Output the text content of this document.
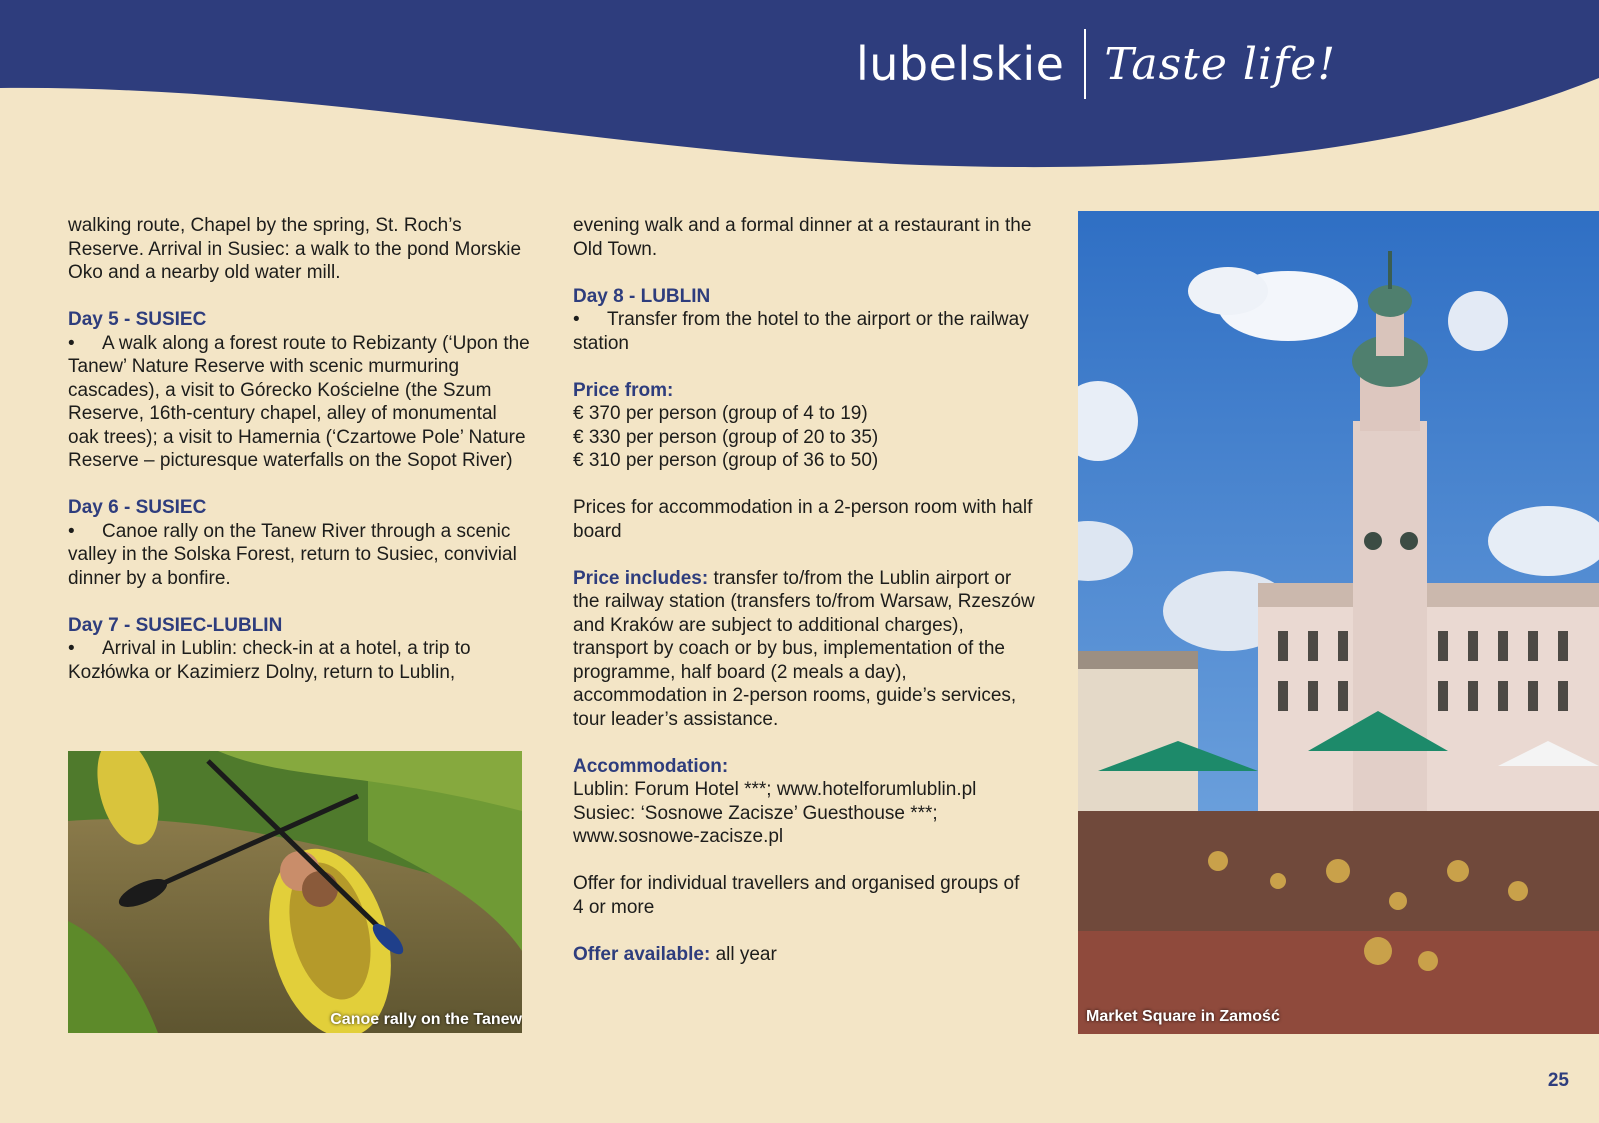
lubelskie Taste life!

walking route, Chapel by the spring, St. Roch’s Reserve. Arrival in Susiec: a walk to the pond Morskie Oko and a nearby old water mill.

Day 5 - SUSIEC

• A walk along a forest route to Rebizanty (‘Upon the Tanew’ Nature Reserve with scenic murmuring cascades), a visit to Górecko Kościelne (the Szum Reserve, 16th-century chapel, alley of monumental oak trees); a visit to Hamernia (‘Czartowe Pole’ Nature Reserve – picturesque waterfalls on the Sopot River)

Day 6 - SUSIEC

• Canoe rally on the Tanew River through a scenic valley in the Solska Forest, return to Susiec, convivial dinner by a bonfire.

Day 7 - SUSIEC-LUBLIN

• Arrival in Lublin: check-in at a hotel, a trip to Kozłówka or Kazimierz Dolny, return to Lublin,

evening walk and a formal dinner at a restaurant in the Old Town.

Day 8 - LUBLIN

• Transfer from the hotel to the airport or the railway station

Price from:

€ 370 per person (group of 4 to 19)
€ 330 per person (group of 20 to 35)
€ 310 per person (group of 36 to 50)

Prices for accommodation in a 2-person room with half board

Price includes: transfer to/from the Lublin airport or the railway station (transfers to/from Warsaw, Rzeszów and Kraków are subject to additional charges), transport by coach or by bus, implementation of the programme, half board (2 meals a day), accommodation in 2-person rooms, guide’s services, tour leader’s assistance.

Accommodation:

Lublin: Forum Hotel ***; www.hotelforumlublin.pl
Susiec: ‘Sosnowe Zacisze’ Guesthouse ***;
www.sosnowe-zacisze.pl

Offer for individual travellers and organised groups of 4 or more

Offer available: all year

Canoe rally on the Tanew	Market Square in Zamość
25
